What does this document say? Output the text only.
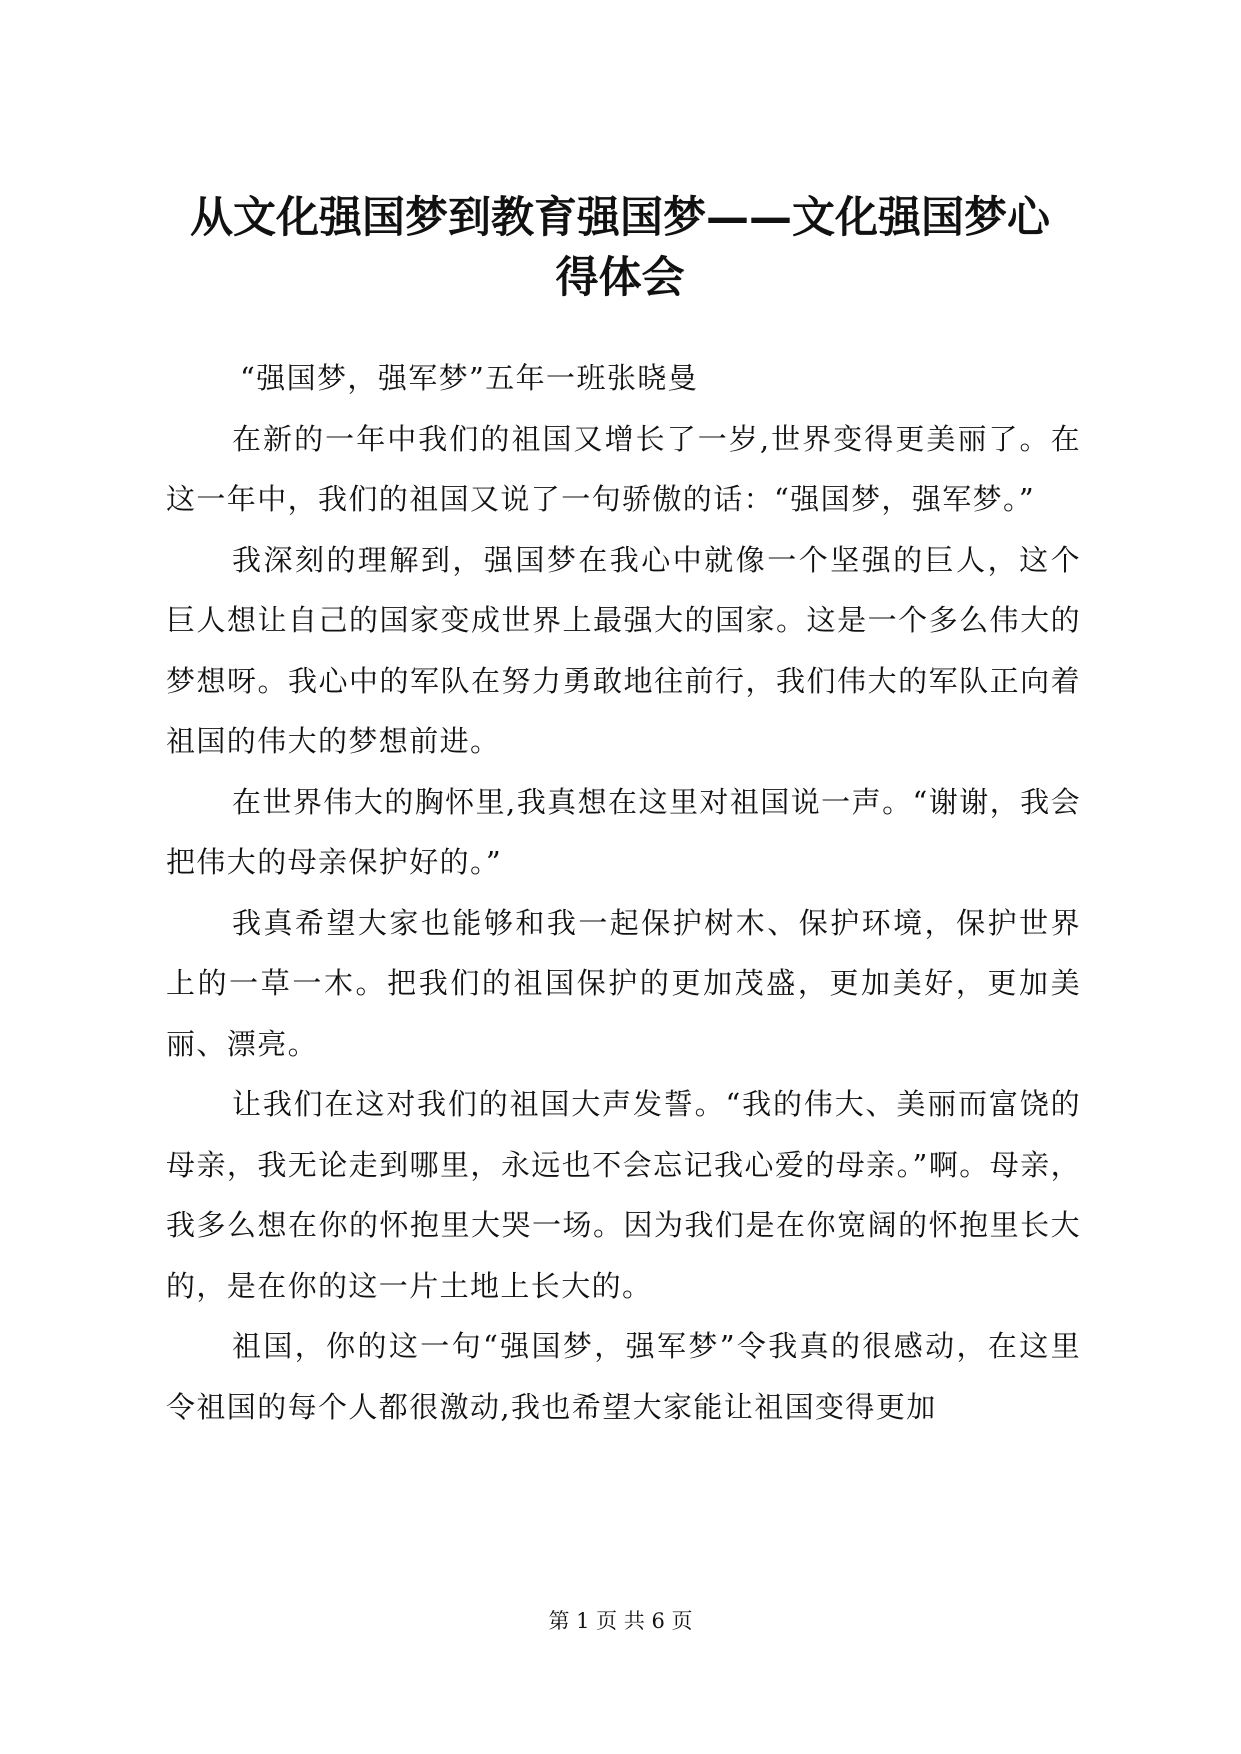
从文化强国梦到教育强国梦——文化强国梦心
得体会

“强国梦，强军梦”五年一班张晓曼

在新的一年中我们的祖国又增长了一岁,世界变得更美丽了。在这一年中，我们的祖国又说了一句骄傲的话：“强国梦，强军梦。”

我深刻的理解到，强国梦在我心中就像一个坚强的巨人，这个巨人想让自己的国家变成世界上最强大的国家。这是一个多么伟大的梦想呀。我心中的军队在努力勇敢地往前行，我们伟大的军队正向着祖国的伟大的梦想前进。

在世界伟大的胸怀里,我真想在这里对祖国说一声。“谢谢，我会把伟大的母亲保护好的。”

我真希望大家也能够和我一起保护树木、保护环境，保护世界上的一草一木。把我们的祖国保护的更加茂盛，更加美好，更加美丽、漂亮。

让我们在这对我们的祖国大声发誓。“我的伟大、美丽而富饶的母亲，我无论走到哪里，永远也不会忘记我心爱的母亲。”啊。母亲，我多么想在你的怀抱里大哭一场。因为我们是在你宽阔的怀抱里长大的，是在你的这一片土地上长大的。

祖国，你的这一句“强国梦，强军梦”令我真的很感动，在这里令祖国的每个人都很激动,我也希望大家能让祖国变得更加

第 1 页 共 6 页
